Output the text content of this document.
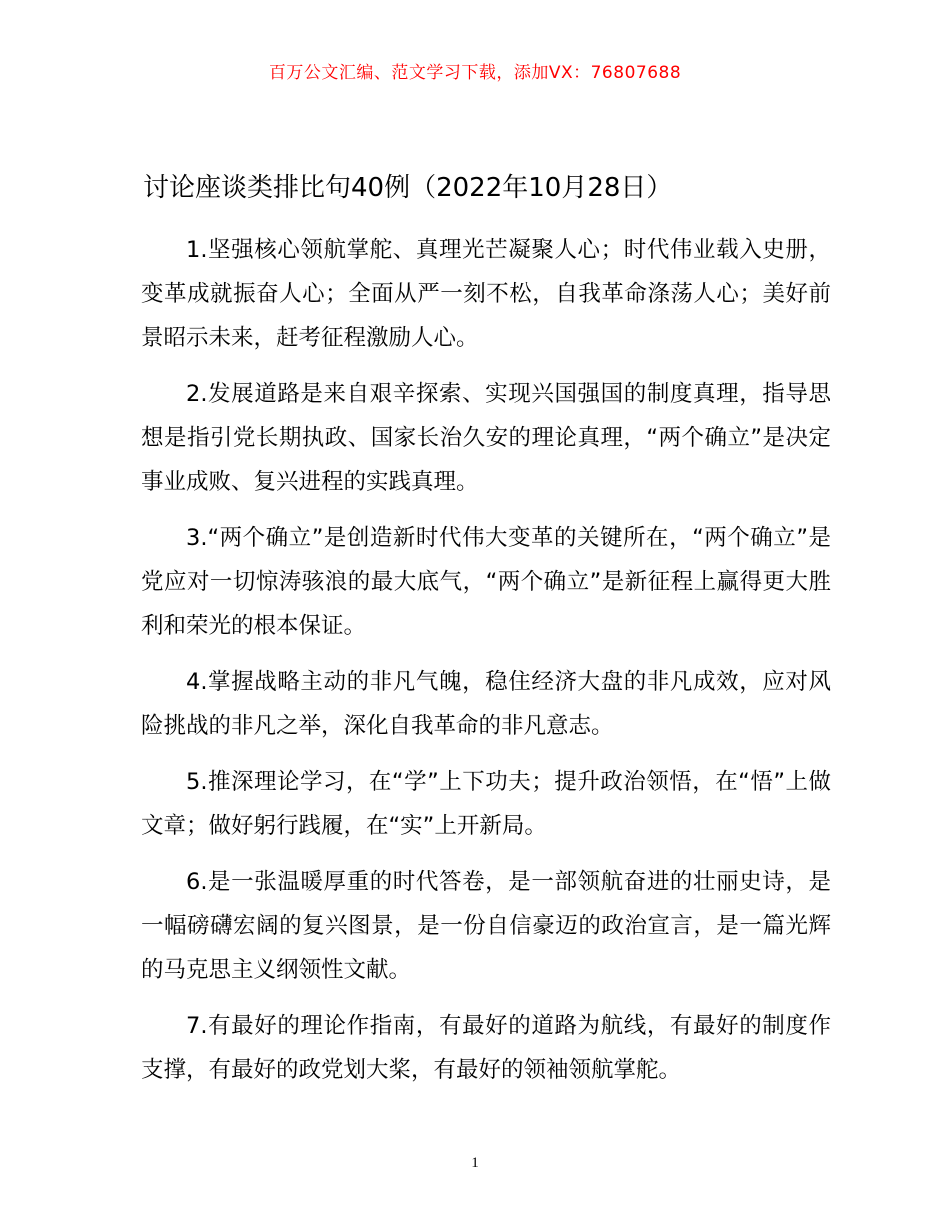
百万公文汇编、范文学习下载，添加VX：76807688
讨论座谈类排比句40例（2022年10月28日）

1.坚强核心领航掌舵、真理光芒凝聚人心；时代伟业载入史册，变革成就振奋人心；全面从严一刻不松，自我革命涤荡人心；美好前景昭示未来，赶考征程激励人心。

2.发展道路是来自艰辛探索、实现兴国强国的制度真理，指导思想是指引党长期执政、国家长治久安的理论真理，“两个确立”是决定事业成败、复兴进程的实践真理。

3.“两个确立”是创造新时代伟大变革的关键所在，“两个确立”是党应对一切惊涛骇浪的最大底气，“两个确立”是新征程上赢得更大胜利和荣光的根本保证。

4.掌握战略主动的非凡气魄，稳住经济大盘的非凡成效，应对风险挑战的非凡之举，深化自我革命的非凡意志。

5.推深理论学习，在“学”上下功夫；提升政治领悟，在“悟”上做文章；做好躬行践履，在“实”上开新局。

6.是一张温暖厚重的时代答卷，是一部领航奋进的壮丽史诗，是一幅磅礴宏阔的复兴图景，是一份自信豪迈的政治宣言，是一篇光辉的马克思主义纲领性文献。

7.有最好的理论作指南，有最好的道路为航线，有最好的制度作支撑，有最好的政党划大桨，有最好的领袖领航掌舵。

1
